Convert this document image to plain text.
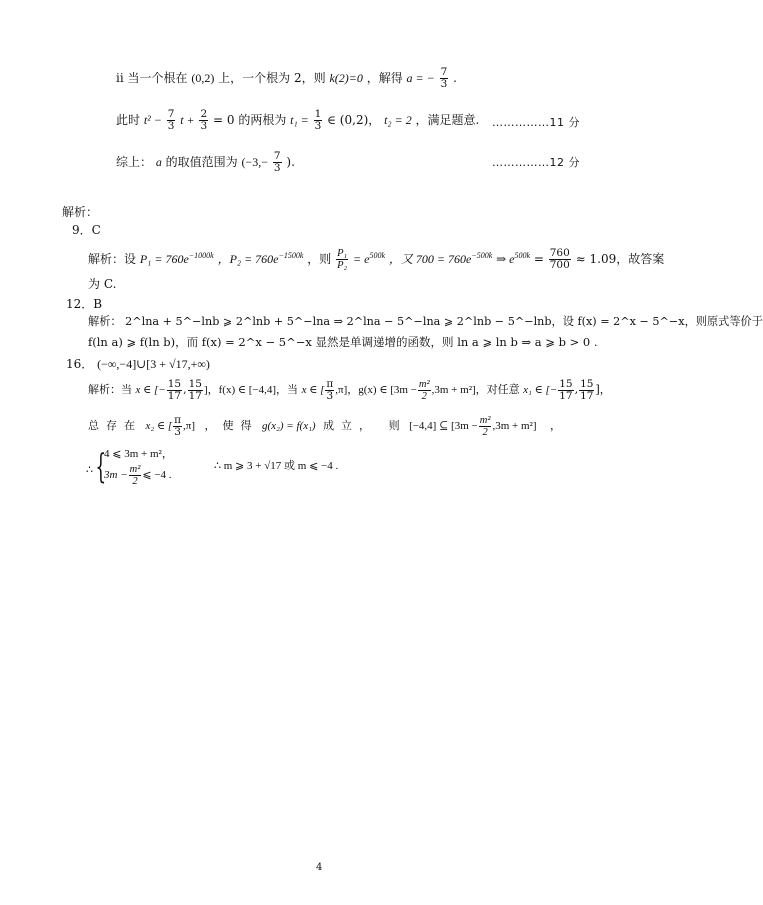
ii 当一个根在 (0,2) 上，一个根为 2，则 k(2)=0 ，解得 a = − $\frac{7}{3}$ .
此时 $t^2 - \frac{7}{3}$ $t + \frac{2}{3} = 0$ 的两根为 $t_1 = \frac{1}{3}$ ∈ (0,2)， t₂ = 2 ，满足题意. ……………11 分
综上： a 的取值范围为 ($-3,- \frac{7}{3}$ ).	……………12 分
解析：
9．C
解析：设 $P_1 = 760e^{-1000k}$ ，$P_2 = 760e^{-1500k}$ ，则 $\frac{\text{P₁}}{\text{P₂}} = e^{500k}$ ，又 $700 = 760e^{-500k}$ ⇒ $e^{500k} = \frac{760}{700} \approx 1.09$，故答案
为 C.
12．B
解析： 2^lna + 5^−lnb ⩾ 2^lnb + 5^−lna ⇒ 2^lna − 5^−lna ⩾ 2^lnb − 5^−lnb，设 f(x) = 2^x − 5^−x，则原式等价于
f(ln a) ⩾ f(ln b)，而 f(x) = 2^x − 5^−x 显然是单调递增的函数，则 ln a ⩾ ln b ⇒ a ⩾ b > 0 .
16． (−∞,−4]∪[3 + √17,+∞)
解析：当 x ∈ [− $\frac{15}{17}$ , $\frac{15}{17}$ ]，f(x) ∈ [−4,4]，当 x ∈ [ $\frac{\pi}{3} ,\pi$]，g(x) ∈ $[3m - \frac{\text{m²}}{2} ,3m + m^2]$，对任意 x₁ ∈ [− $\frac{15}{17}$ , $\frac{15}{17}$ ]，
总存在 x₂ ∈ [ $\frac{\pi}{3} ,\pi$] ，使得 g(x₂) = f(x₁) 成立， 则 [−4,4] ⊆ $[3m - \frac{\text{m²}}{2} ,3m + m^2]$ ，
∴ {
4 ⩽ 3m + m²，
$3m - \frac{\text{m²}}{2}$ ⩽ −4 .
∴ m ⩾ 3 + √17 或 m ⩽ −4 .
4
